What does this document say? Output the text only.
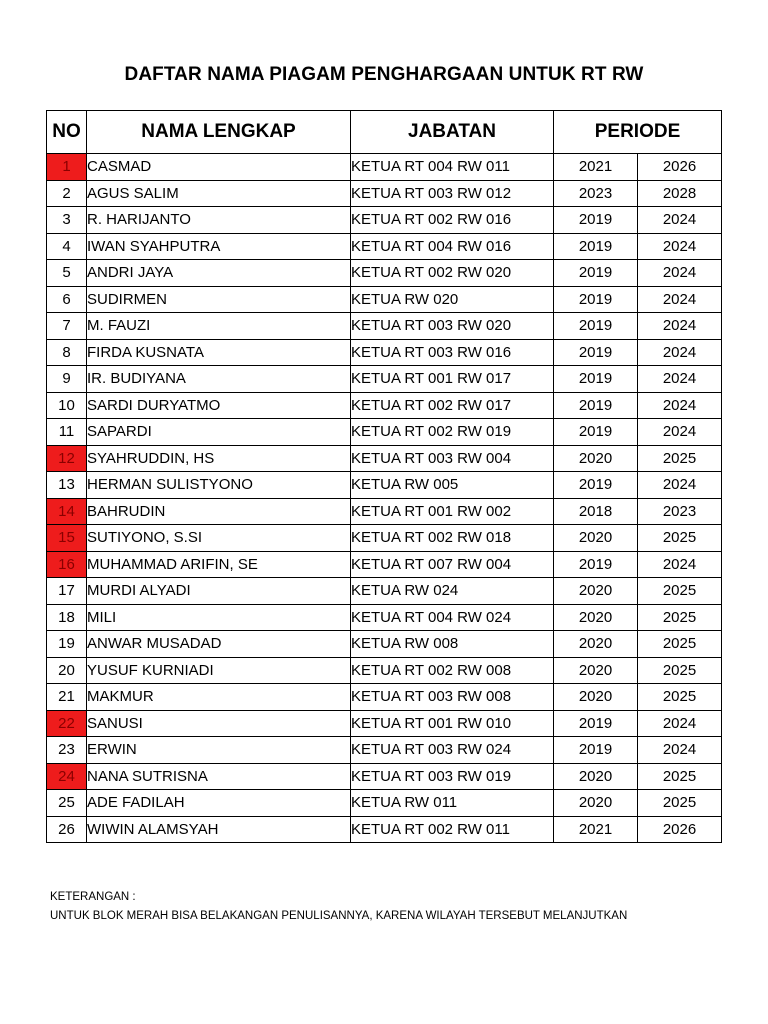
DAFTAR NAMA PIAGAM PENGHARGAAN UNTUK RT RW
NO	NAMA LENGKAP	JABATAN	PERIODE	
1	CASMAD	KETUA RT 004 RW 011	2021	2026
2	AGUS SALIM	KETUA RT 003 RW 012	2023	2028
3	R. HARIJANTO	KETUA RT 002 RW 016	2019	2024
4	IWAN SYAHPUTRA	KETUA RT 004 RW 016	2019	2024
5	ANDRI JAYA	KETUA RT 002 RW 020	2019	2024
6	SUDIRMEN	KETUA RW 020	2019	2024
7	M. FAUZI	KETUA RT 003 RW 020	2019	2024
8	FIRDA KUSNATA	KETUA RT 003 RW 016	2019	2024
9	IR. BUDIYANA	KETUA RT 001 RW 017	2019	2024
10	SARDI DURYATMO	KETUA RT 002 RW 017	2019	2024
11	SAPARDI	KETUA RT 002 RW 019	2019	2024
12	SYAHRUDDIN, HS	KETUA RT 003 RW 004	2020	2025
13	HERMAN SULISTYONO	KETUA RW 005	2019	2024
14	BAHRUDIN	KETUA RT 001 RW 002	2018	2023
15	SUTIYONO, S.SI	KETUA RT 002 RW 018	2020	2025
16	MUHAMMAD ARIFIN, SE	KETUA RT 007 RW 004	2019	2024
17	MURDI ALYADI	KETUA RW 024	2020	2025
18	MILI	KETUA RT 004 RW 024	2020	2025
19	ANWAR MUSADAD	KETUA RW 008	2020	2025
20	YUSUF KURNIADI	KETUA RT 002 RW 008	2020	2025
21	MAKMUR	KETUA RT 003 RW 008	2020	2025
22	SANUSI	KETUA RT 001 RW 010	2019	2024
23	ERWIN	KETUA RT 003 RW 024	2019	2024
24	NANA SUTRISNA	KETUA RT 003 RW 019	2020	2025
25	ADE FADILAH	KETUA RW 011	2020	2025
26	WIWIN ALAMSYAH	KETUA RT 002 RW 011	2021	2026
KETERANGAN :
UNTUK BLOK MERAH BISA BELAKANGAN PENULISANNYA, KARENA WILAYAH TERSEBUT MELANJUTKAN
